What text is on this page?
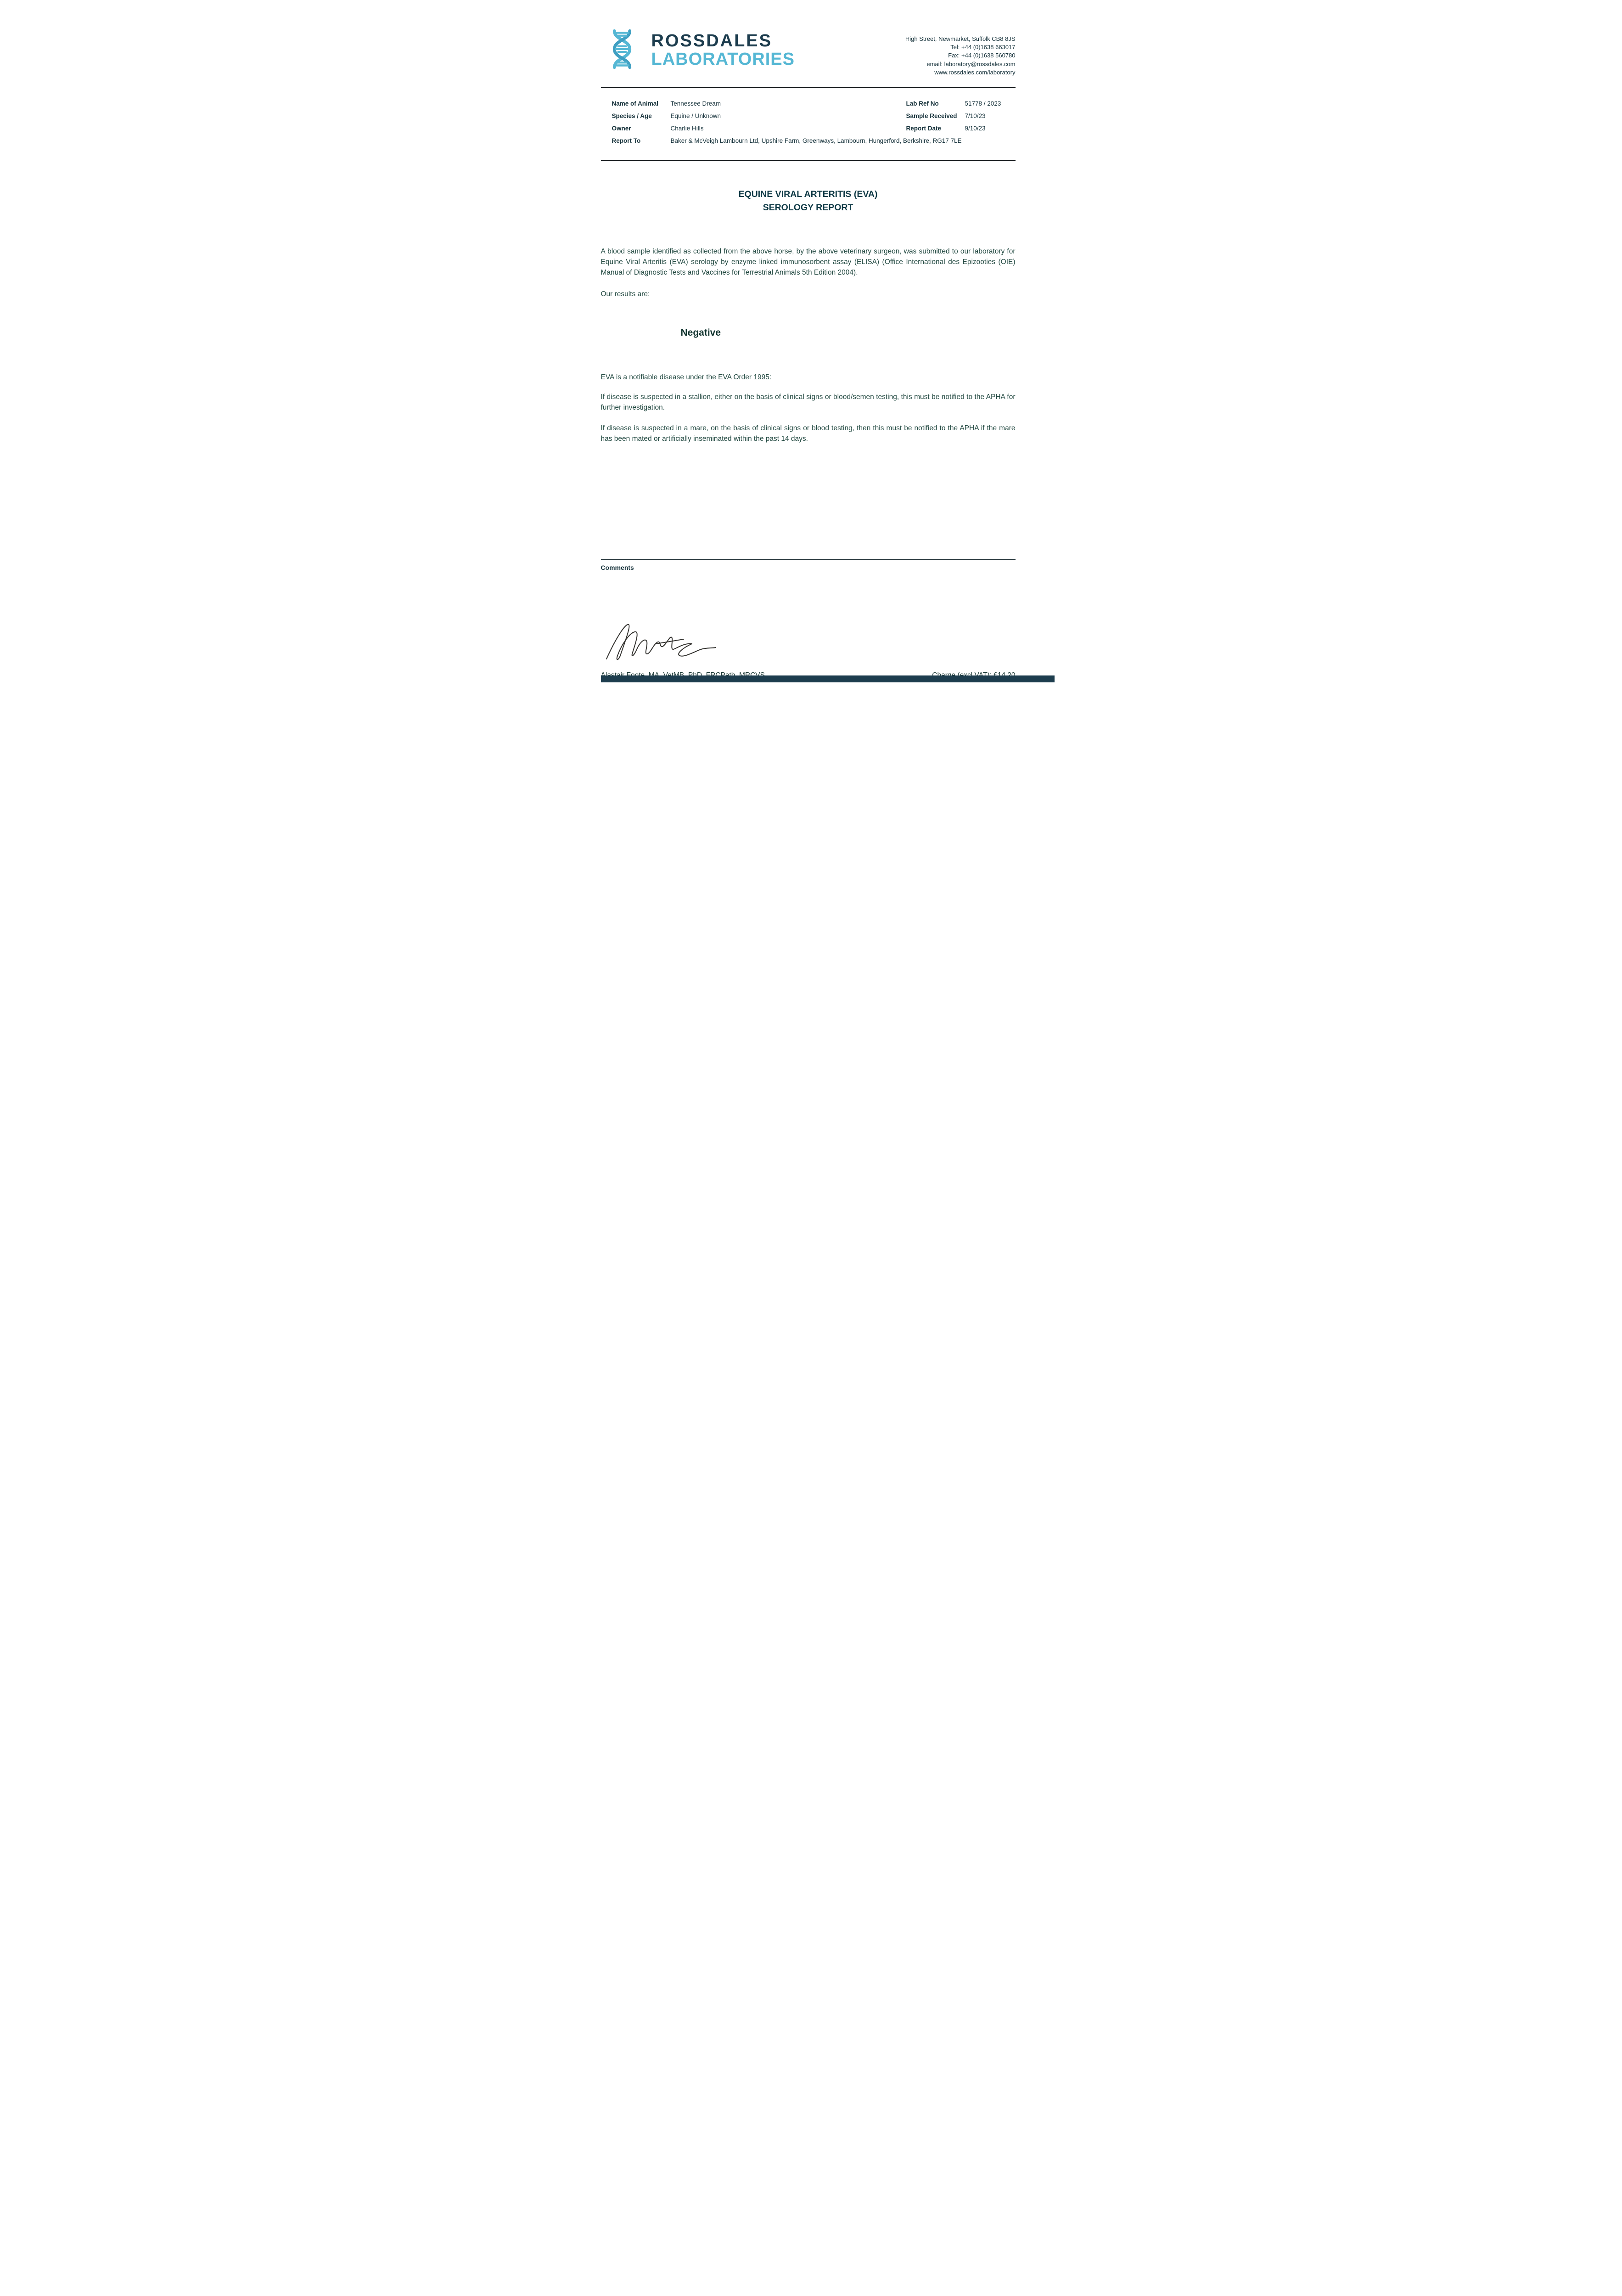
ROSSDALES
LABORATORIES
High Street, Newmarket, Suffolk CB8 8JS
Tel: +44 (0)1638 663017
Fax: +44 (0)1638 560780
email: laboratory@rossdales.com
www.rossdales.com/laboratory
Name of Animal	Tennessee Dream	Lab Ref No	51778 / 2023
Species / Age	Equine / Unknown	Sample Received	7/10/23
Owner	Charlie Hills	Report Date	9/10/23
Report To	Baker & McVeigh Lambourn Ltd, Upshire Farm, Greenways, Lambourn, Hungerford, Berkshire, RG17 7LE
EQUINE VIRAL ARTERITIS (EVA)
SEROLOGY REPORT

A blood sample identified as collected from the above horse, by the above veterinary surgeon, was submitted to our laboratory for Equine Viral Arteritis (EVA) serology by enzyme linked immunosorbent assay (ELISA) (Office International des Epizooties (OIE) Manual of Diagnostic Tests and Vaccines for Terrestrial Animals 5th Edition 2004).

Our results are:

Negative

EVA is a notifiable disease under the EVA Order 1995:

If disease is suspected in a stallion, either on the basis of clinical signs or blood/semen testing, this must be notified to the APHA for further investigation.

If disease is suspected in a mare, on the basis of clinical signs or blood testing, then this must be notified to the APHA if the mare has been mated or artificially inseminated within the past 14 days.

Comments
